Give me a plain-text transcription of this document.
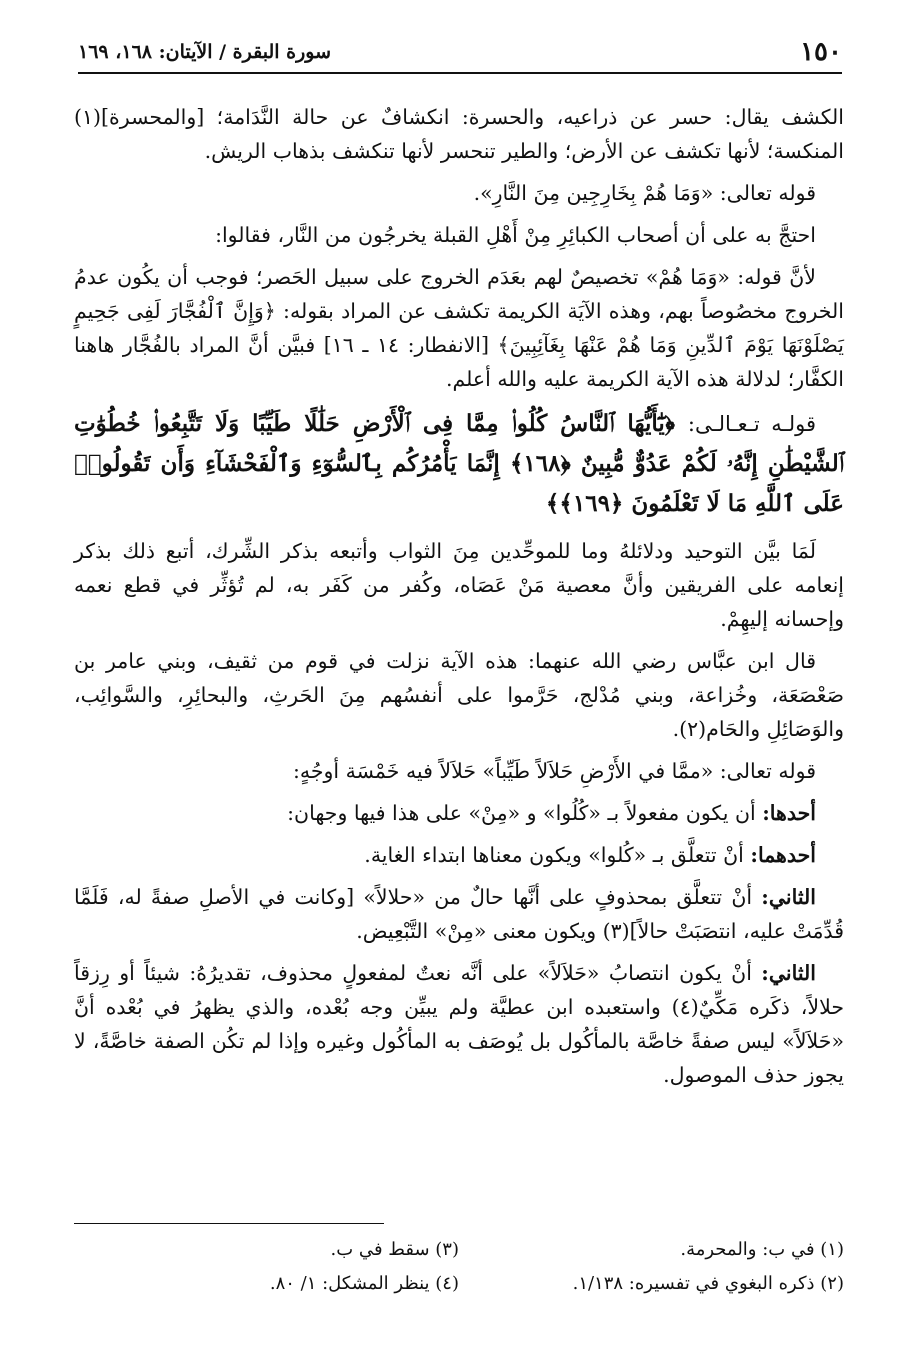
١٥٠
سورة البقرة / الآيتان: ١٦٨، ١٦٩

الكشف يقال: حسر عن ذراعيه، والحسرة: انكشافٌ عن حالة النَّدَامة؛ [والمحسرة](١) المنكسة؛ لأنها تكشف عن الأرض؛ والطير تنحسر لأنها تنكشف بذهاب الريش.

قوله تعالى: «وَمَا هُمْ بِخَارِجِين مِنَ النَّارِ».

احتجَّ به على أن أصحاب الكبائِرِ مِنْ أَهْلِ القبلة يخرجُون من النَّار، فقالوا:

لأنَّ قوله: «وَمَا هُمْ» تخصيصٌ لهم بعَدَم الخروج على سبيل الحَصر؛ فوجب أن يكُون عدمُ الخروج مخصُوصاً بهم، وهذه الآيَة الكريمة تكشف عن المراد بقوله: ﴿وَإِنَّ ٱلْفُجَّارَ لَفِى جَحِيمٍ يَصْلَوْنَهَا يَوْمَ ٱلدِّينِ وَمَا هُمْ عَنْهَا بِغَآئِبِينَ﴾ [الانفطار: ١٤ ـ ١٦] فبيَّن أنَّ المراد بالفُجَّار هاهنا الكفَّار؛ لدلالة هذه الآية الكريمة عليه والله أعلم.

قولـه تـعـالـى: ﴿يَٰٓأَيُّهَا ٱلنَّاسُ كُلُوا۟ مِمَّا فِى ٱلْأَرْضِ حَلَٰلًا طَيِّبًا وَلَا تَتَّبِعُوا۟ خُطُوَٰتِ ٱلشَّيْطَٰنِ إِنَّهُۥ لَكُمْ عَدُوٌّ مُّبِينٌ ﴿١٦٨﴾ إِنَّمَا يَأْمُرُكُم بِٱلسُّوٓءِ وَٱلْفَحْشَآءِ وَأَن تَقُولُوا۟ عَلَى ٱللَّهِ مَا لَا تَعْلَمُونَ ﴿١٦٩﴾﴾

لَمَا بيَّن التوحيد ودلائلهُ وما للموحِّدين مِنَ الثواب وأتبعه بذكر الشِّرك، أتبع ذلك بذكر إنعامه على الفريقين وأنَّ معصية مَنْ عَصَاه، وكُفر من كَفَر به، لم تُؤثِّر في قطع نعمه وإحسانه إليهِمْ.

قال ابن عبَّاس رضي الله عنهما: هذه الآية نزلت في قوم من ثقيف، وبني عامر بن صَعْصَعَة، وخُزاعة، وبني مُدْلج، حَرَّموا على أنفسُهم مِنَ الحَرثِ، والبحائِرِ، والسَّوائِب، والوَصَائِلِ والحَام(٢).

قوله تعالى: «ممَّا في الأَرْضِ حَلاَلاً طَيِّباً» حَلاَلاً فيه خَمْسَة أوجُهٍ:

أحدها: أن يكون مفعولاً بـ «كُلُوا» و «مِنْ» على هذا فيها وجهان:

أحدهما: أنْ تتعلَّق بـ «كُلوا» ويكون معناها ابتداء الغاية.

الثاني: أنْ تتعلَّق بمحذوفٍ على أنَّها حالٌ من «حلالاً» [وكانت في الأصلِ صفةً له، فَلَمَّا قُدِّمَتْ عليه، انتصَبَتْ حالاً](٣) ويكون معنى «مِنْ» التَّبْعِيض.

الثاني: أنْ يكون انتصابُ «حَلاَلاً» على أنَّه نعتٌ لمفعولٍ محذوف، تقديرُهُ: شيئاً أو رِزقاً حلالاً، ذكَره مَكِّيٌ(٤) واستعبده ابن عطيَّة ولم يبيِّن وجه بُعْده، والذي يظهرُ في بُعْده أنَّ «حَلاَلاً» ليس صفةً خاصَّة بالمأكُول بل يُوصَف به المأكُول وغيره وإذا لم تكُن الصفة خاصَّةً، لا يجوز حذف الموصول.

(١) في ب: والمحرمة.
(٣) سقط في ب.
(٢) ذكره البغوي في تفسيره: ١/١٣٨.
(٤) ينظر المشكل: ١/ ٨٠.
